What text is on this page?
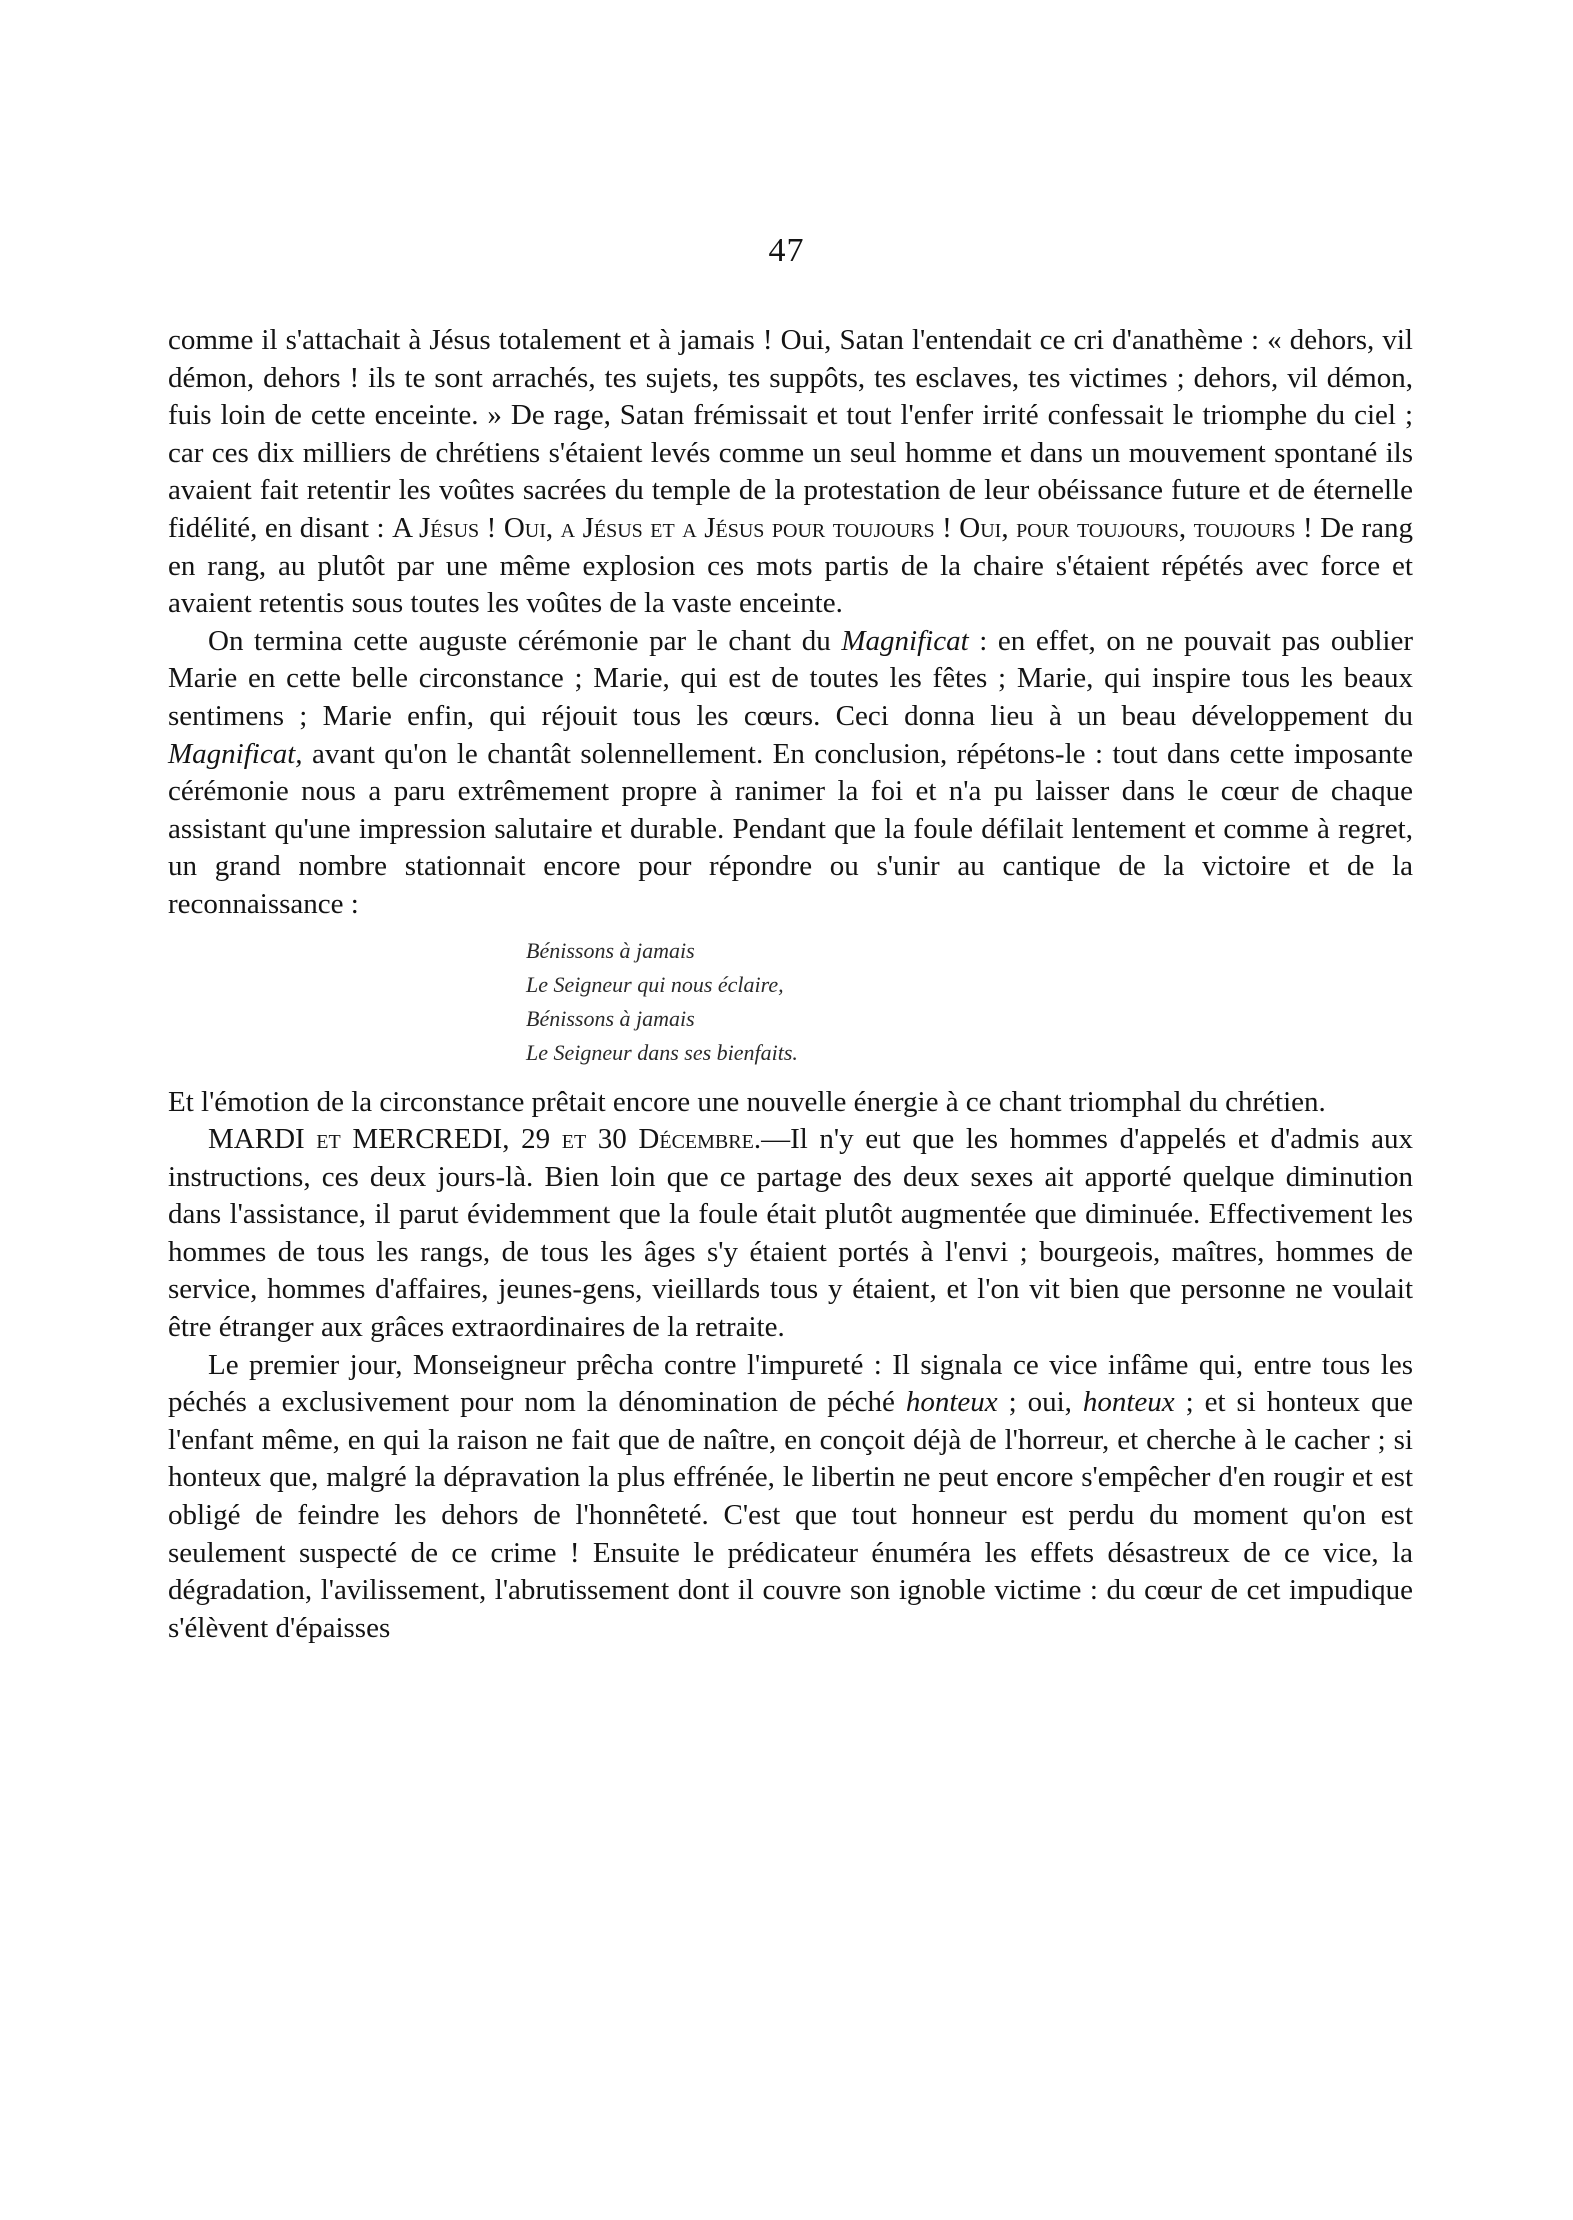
47

comme il s'attachait à Jésus totalement et à jamais ! Oui, Satan l'entendait ce cri d'anathème : « dehors, vil démon, dehors ! ils te sont arrachés, tes sujets, tes suppôts, tes esclaves, tes victimes ; dehors, vil démon, fuis loin de cette enceinte. » De rage, Satan frémissait et tout l'enfer irrité confessait le triomphe du ciel ; car ces dix milliers de chrétiens s'étaient levés comme un seul homme et dans un mouvement spontané ils avaient fait retentir les voûtes sacrées du temple de la protestation de leur obéissance future et de éternelle fidélité, en disant : A Jésus ! Oui, a Jésus et a Jésus pour toujours ! Oui, pour toujours, toujours ! De rang en rang, au plutôt par une même explosion ces mots partis de la chaire s'étaient répétés avec force et avaient retentis sous toutes les voûtes de la vaste enceinte.

On termina cette auguste cérémonie par le chant du Magnificat : en effet, on ne pouvait pas oublier Marie en cette belle circonstance ; Marie, qui est de toutes les fêtes ; Marie, qui inspire tous les beaux sentimens ; Marie enfin, qui réjouit tous les cœurs. Ceci donna lieu à un beau développement du Magnificat, avant qu'on le chantât solennellement. En conclusion, répétons-le : tout dans cette imposante cérémonie nous a paru extrêmement propre à ranimer la foi et n'a pu laisser dans le cœur de chaque assistant qu'une impression salutaire et durable. Pendant que la foule défilait lentement et comme à regret, un grand nombre stationnait encore pour répondre ou s'unir au cantique de la victoire et de la reconnaissance :

Bénissons à jamais
Le Seigneur qui nous éclaire,
Bénissons à jamais
Le Seigneur dans ses bienfaits.

Et l'émotion de la circonstance prêtait encore une nouvelle énergie à ce chant triomphal du chrétien.

MARDI et MERCREDI, 29 et 30 Décembre.—Il n'y eut que les hommes d'appelés et d'admis aux instructions, ces deux jours-là. Bien loin que ce partage des deux sexes ait apporté quelque diminution dans l'assistance, il parut évidemment que la foule était plutôt augmentée que diminuée. Effectivement les hommes de tous les rangs, de tous les âges s'y étaient portés à l'envi ; bourgeois, maîtres, hommes de service, hommes d'affaires, jeunes-gens, vieillards tous y étaient, et l'on vit bien que personne ne voulait être étranger aux grâces extraordinaires de la retraite.

Le premier jour, Monseigneur prêcha contre l'impureté : Il signala ce vice infâme qui, entre tous les péchés a exclusivement pour nom la dénomination de péché honteux ; oui, honteux ; et si honteux que l'enfant même, en qui la raison ne fait que de naître, en conçoit déjà de l'horreur, et cherche à le cacher ; si honteux que, malgré la dépravation la plus effrénée, le libertin ne peut encore s'empêcher d'en rougir et est obligé de feindre les dehors de l'honnêteté. C'est que tout honneur est perdu du moment qu'on est seulement suspecté de ce crime ! Ensuite le prédicateur énuméra les effets désastreux de ce vice, la dégradation, l'avilissement, l'abrutissement dont il couvre son ignoble victime : du cœur de cet impudique s'élèvent d'épaisses
